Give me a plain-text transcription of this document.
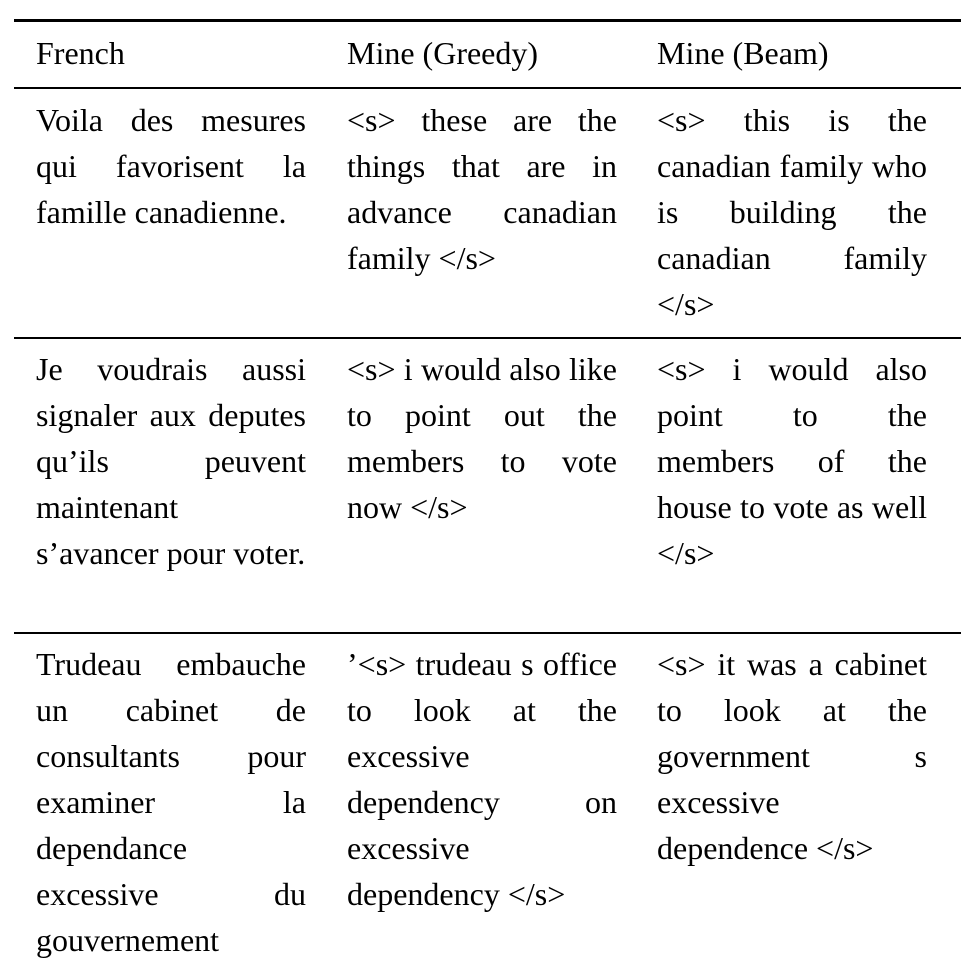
French	Mine (Greedy)	Mine (Beam)
Voila des mesures qui favorisent la famille canadienne.
<s> these are the things that are in advance canadian family </s>
<s> this is the canadian family who is building the canadian family </s>
Je voudrais aussi signaler aux deputes qu’ils peuvent maintenant s’avancer pour voter.
<s> i would also like to point out the members to vote now </s>
<s> i would also point to the members of the house to vote as well </s>
Trudeau embauche un cabinet de consultants pour examiner la dependance excessive du gouvernement
’<s> trudeau s office to look at the excessive dependency on excessive dependency </s>
<s> it was a cabinet to look at the government s excessive dependence </s>
